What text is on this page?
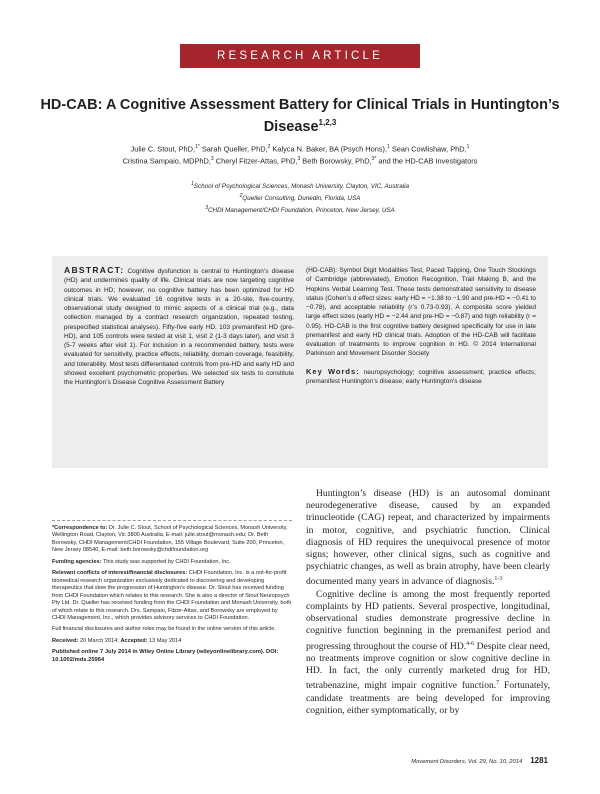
RESEARCH ARTICLE
HD-CAB: A Cognitive Assessment Battery for Clinical Trials in Huntington’s Disease$^{1,2,3}$
Julie C. Stout, PhD,$^{1*}$ Sarah Queller, PhD,$^2$ Kalyca N. Baker, BA (Psych Hons),$^1$ Sean Cowlishaw, PhD,$^1$
Cristina Sampaio, MDPhD,$^3$ Cheryl Fitzer-Attas, PhD,$^3$ Beth Borowsky, PhD,$^{3*}$ and the HD-CAB Investigators
$^1$School of Psychological Sciences, Monash University, Clayton, VIC, Australia
$^2$Queller Consulting, Dunedin, Florida, USA
$^3$CHDI Management/CHDI Foundation, Princeton, New Jersey, USA
ABSTRACT: Cognitive dysfunction is central to Huntington’s disease (HD) and undermines quality of life. Clinical trials are now targeting cognitive outcomes in HD; however, no cognitive battery has been optimized for HD clinical trials. We evaluated 16 cognitive tests in a 20-site, five-country, observational study designed to mimic aspects of a clinical trial (e.g., data collection managed by a contract research organization, repeated testing, prespecified statistical analyses). Fifty-five early HD, 103 premanifest HD (pre-HD), and 105 controls were tested at visit 1, visit 2 (1-3 days later), and visit 3 (5-7 weeks after visit 1). For inclusion in a recommended battery, tests were evaluated for sensitivity, practice effects, reliability, domain coverage, feasibility, and tolerability. Most tests differentiated controls from pre-HD and early HD and showed excellent psychometric properties. We selected six tests to constitute the Huntington’s Disease Cognitive Assessment Battery
(HD-CAB): Symbol Digit Modalities Test, Paced Tapping, One Touch Stockings of Cambridge (abbreviated), Emotion Recognition, Trail Making B, and the Hopkins Verbal Learning Test. These tests demonstrated sensitivity to disease status (Cohen’s d effect sizes: early HD = −1.38 to −1.90 and pre-HD = −0.41 to −0.78), and acceptable reliability (r’s 0.73-0.93). A composite score yielded large effect sizes (early HD = −2.44 and pre-HD = −0.87) and high reliability (r = 0.95). HD-CAB is the first cognitive battery designed specifically for use in late premanifest and early HD clinical trials. Adoption of the HD-CAB will facilitate evaluation of treatments to improve cognition in HD. © 2014 International Parkinson and Movement Disorder Society
Key Words: neuropsychology; cognitive assessment; practice effects; premanifest Huntington’s disease; early Huntington’s disease

*Correspondence to: Dr. Julie C. Stout, School of Psychological Sciences, Monash University, Wellington Road, Clayton, Vic 3800 Australia, E-mail: julie.stout@monash.edu; Dr. Beth Borowsky, CHDI Management/CHDI Foundation, 155 Village Boulevard, Suite 200, Princeton, New Jersey 08540, E-mail: beth.borowsky@chdifoundation.org

Funding agencies: This study was supported by CHDI Foundation, Inc.

Relevant conflicts of interest/financial disclosures: CHDI Foundation, Inc. is a not-for-profit biomedical research organization exclusively dedicated to discovering and developing therapeutics that slow the progression of Huntington’s disease. Dr. Stout has received funding from CHDI Foundation which relates to this research. She is also a director of Stout Neuropsych Pty Ltd. Dr. Queller has received funding from the CHDI Foundation and Monash University, both of which relate to this research. Drs. Sampaio, Fitzer-Attas, and Borowsky are employed by CHDI Management, Inc., which provides advisory services to CHDI Foundation.

Full financial disclosures and author roles may be found in the online version of this article.

Received: 20 March 2014; Accepted: 13 May 2014

Published online 7 July 2014 in Wiley Online Library (wileyonlinelibrary.com). DOI: 10.1002/mds.25964

Huntington’s disease (HD) is an autosomal dominant neurodegenerative disease, caused by an expanded trinucleotide (CAG) repeat, and characterized by impairments in motor, cognitive, and psychiatric function. Clinical diagnosis of HD requires the unequivocal presence of motor signs; however, other clinical signs, such as cognitive and psychiatric changes, as well as brain atrophy, have been clearly documented many years in advance of diagnosis.$^{1-3}$

Cognitive decline is among the most frequently reported complaints by HD patients. Several prospective, longitudinal, observational studies demonstrate progressive decline in cognitive function beginning in the premanifest period and progressing throughout the course of HD.$^{4-6}$ Despite clear need, no treatments improve cognition or slow cognitive decline in HD. In fact, the only currently marketed drug for HD, tetrabenazine, might impair cognitive function.$^7$ Fortunately, candidate treatments are being developed for improving cognition, either symptomatically, or by

Movement Disorders, Vol. 29, No. 10, 2014 1281
